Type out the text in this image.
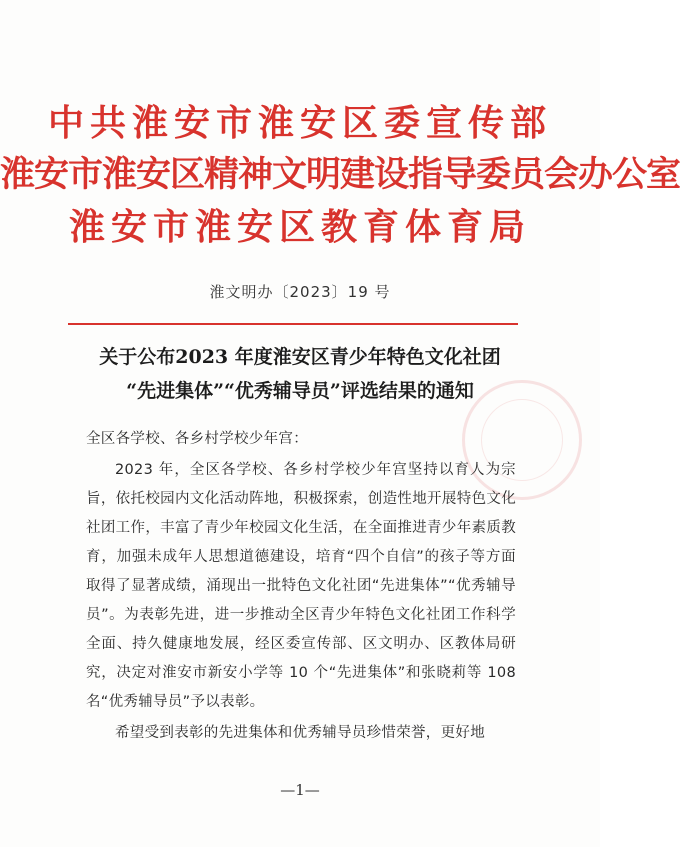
中共淮安市淮安区委宣传部
淮安市淮安区精神文明建设指导委员会办公室
淮安市淮安区教育体育局
淮文明办〔2023〕19 号
关于公布2023 年度淮安区青少年特色文化社团
“先进集体”“优秀辅导员”评选结果的通知
全区各学校、各乡村学校少年宫：
2023 年，全区各学校、各乡村学校少年宫坚持以育人为宗旨，依托校园内文化活动阵地，积极探索，创造性地开展特色文化社团工作，丰富了青少年校园文化生活，在全面推进青少年素质教育，加强未成年人思想道德建设，培育“四个自信”的孩子等方面取得了显著成绩，涌现出一批特色文化社团“先进集体”“优秀辅导员”。为表彰先进，进一步推动全区青少年特色文化社团工作科学全面、持久健康地发展，经区委宣传部、区文明办、区教体局研究，决定对淮安市新安小学等 10 个“先进集体”和张晓莉等 108 名“优秀辅导员”予以表彰。
希望受到表彰的先进集体和优秀辅导员珍惜荣誉，更好地
—1—
